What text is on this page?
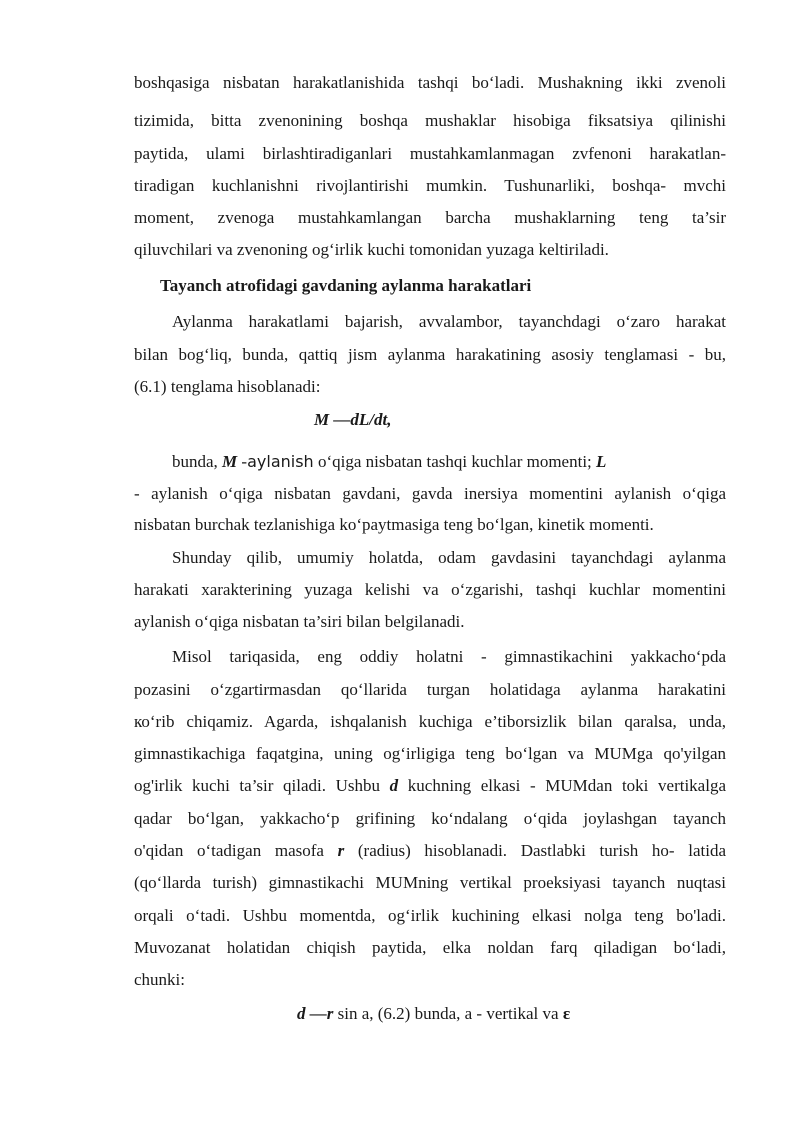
boshqasiga nisbatan harakatlanishida tashqi bo‘ladi. Mushakning ikki zvenoli
tizimida, bitta zvenonining boshqa mushaklar hisobiga fiksatsiya qilinishi
paytida, ulami birlashtiradiganlari mustahkamlanmagan zvfenoni harakatlan-
tiradigan kuchlanishni rivojlantirishi mumkin. Tushunarliki, boshqa- mvchi
moment, zvenoga mustahkamlangan barcha mushaklarning teng ta’sir
qiluvchilari va zvenoning og‘irlik kuchi tomonidan yuzaga keltiriladi.
Tayanch atrofidagi gavdaning aylanma harakatlari
Aylanma harakatlami bajarish, avvalambor, tayanchdagi o‘zaro harakat
bilan bog‘liq, bunda, qattiq jism aylanma harakatining asosiy tenglamasi - bu,
(6.1) tenglama hisoblanadi:
M —dL/dt,
bunda, M -aylanish o‘qiga nisbatan tashqi kuchlar momenti; L
- aylanish o‘qiga nisbatan gavdani, gavda inersiya momentini aylanish o‘qiga
nisbatan burchak tezlanishiga ko‘paytmasiga teng bo‘lgan, kinetik momenti.
Shunday qilib, umumiy holatda, odam gavdasini tayanchdagi aylanma
harakati xarakterining yuzaga kelishi va o‘zgarishi, tashqi kuchlar momentini
aylanish o‘qiga nisbatan ta’siri bilan belgilanadi.
Misol tariqasida, eng oddiy holatni - gimnastikachini yakkacho‘pda
pozasini o‘zgartirmasdan qo‘llarida turgan holatidaga aylanma harakatini
ко‘rib chiqamiz. Agarda, ishqalanish kuchiga e’tiborsizlik bilan qaralsa, unda,
gimnastikachiga faqatgina, uning og‘irligiga teng bo‘lgan va MUMga qo'yilgan
og'irlik kuchi ta’sir qiladi. Ushbu d kuchning elkasi - MUMdan toki vertikalga
qadar bo‘lgan, yakkacho‘p grifining ko‘ndalang o‘qida joylashgan tayanch
o'qidan o‘tadigan masofa r (radius) hisoblanadi. Dastlabki turish ho- latida
(qo‘llarda turish) gimnastikachi MUMning vertikal proeksiyasi tayanch nuqtasi
orqali o‘tadi. Ushbu momentda, og‘irlik kuchining elkasi nolga teng bo'ladi.
Muvozanat holatidan chiqish paytida, elka noldan farq qiladigan bo‘ladi,
chunki:
d —r sin a, (6.2) bunda, a - vertikal va ɛ
